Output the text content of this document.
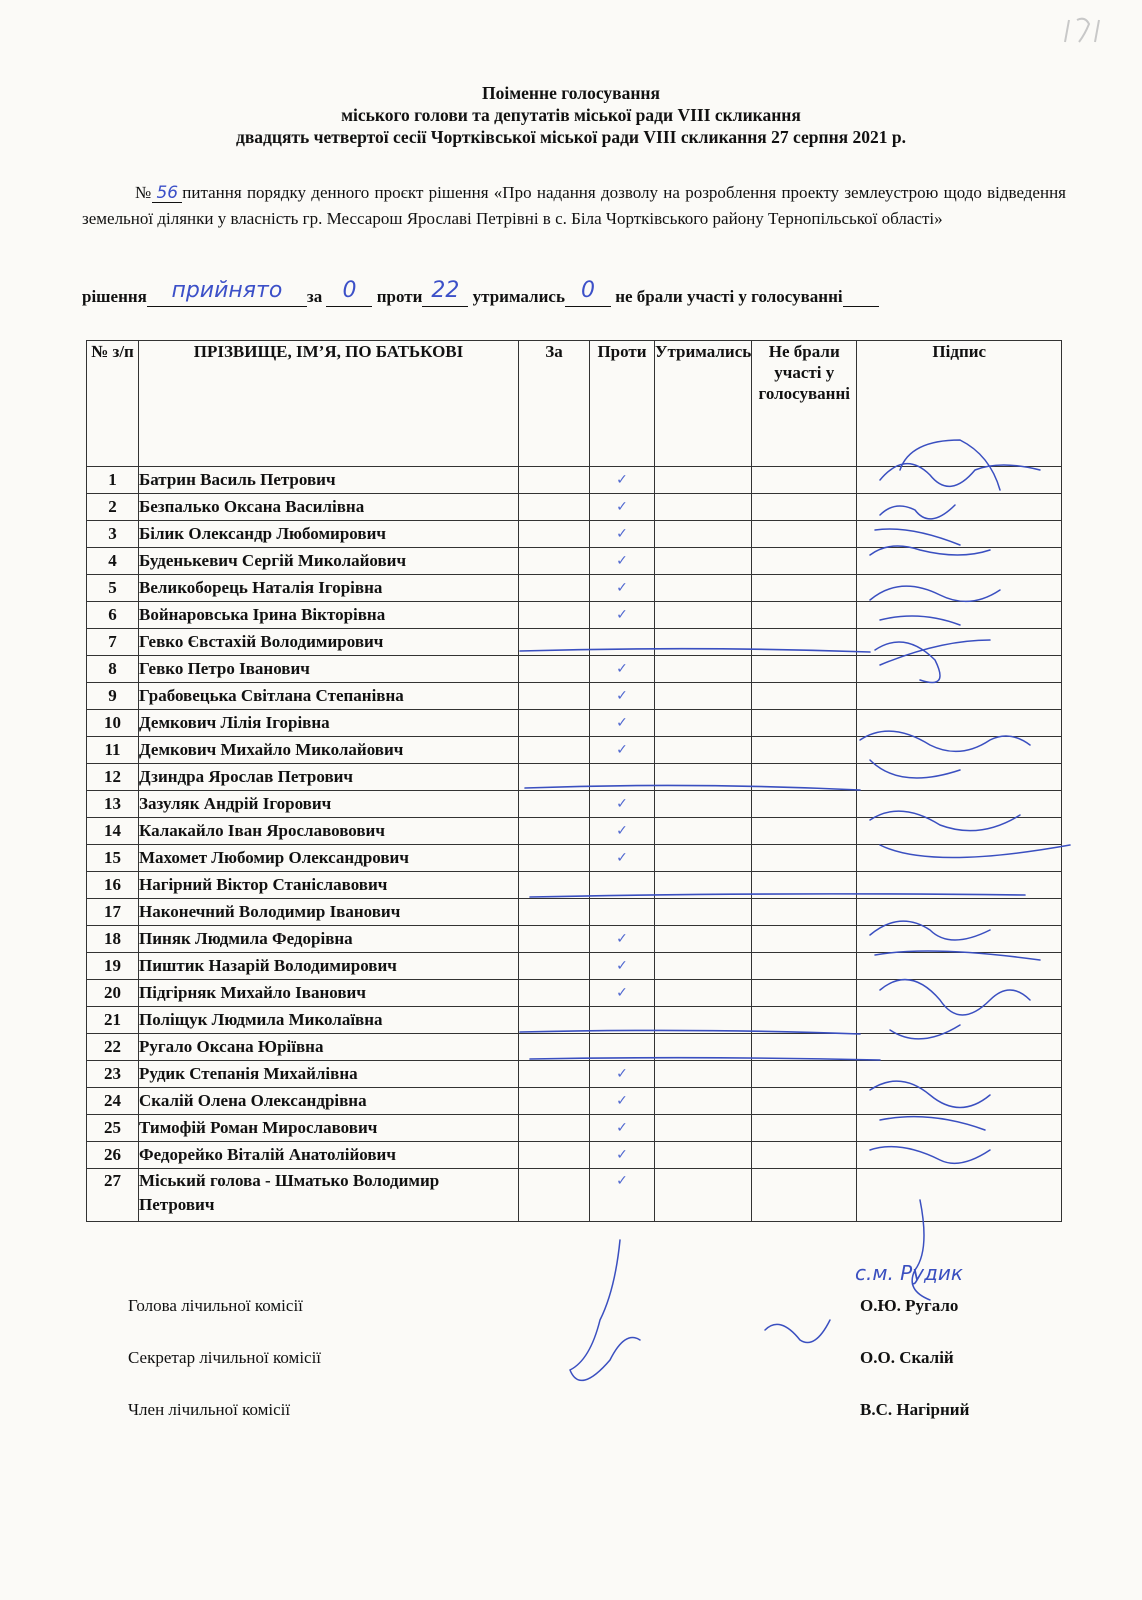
Поіменне голосування
міського голови та депутатів міської ради VIII скликання
двадцять четвертої сесії Чортківської міської ради VIII скликання 27 серпня 2021 р.
№ 56 питання порядку денного проєкт рішення «Про надання дозволу на розроблення проекту землеустрою щодо відведення земельної ділянки у власність гр. Мессарош Ярославі Петрівні в с. Біла Чортківського району Тернопільської області»
рішення прийнято за 0 проти 22 утримались 0 не брали участі у голосуванні
№ з/п	ПРІЗВИЩЕ, ІМ’Я, ПО БАТЬКОВІ	За	Проти	Утримались	Не брали участі у голосуванні	Підпис
1	Батрин Василь Петрович		✓			
2	Безпалько Оксана Василівна		✓			
3	Білик Олександр Любомирович		✓			
4	Буденькевич Сергій Миколайович		✓			
5	Великоборець Наталія Ігорівна		✓			
6	Войнаровська Ірина Вікторівна		✓			
7	Гевко Євстахій Володимирович					
8	Гевко Петро Іванович		✓			
9	Грабовецька Світлана Степанівна		✓			
10	Демкович Лілія Ігорівна		✓			
11	Демкович Михайло Миколайович		✓			
12	Дзиндра Ярослав Петрович					
13	Зазуляк Андрій Ігорович		✓			
14	Калакайло Іван Ярославовович		✓			
15	Махомет Любомир Олександрович		✓			
16	Нагірний Віктор Станіславович					
17	Наконечний Володимир Іванович					
18	Пиняк Людмила Федорівна		✓			
19	Пиштик Назарій Володимирович		✓			
20	Підгірняк Михайло Іванович		✓			
21	Поліщук Людмила Миколаївна					
22	Ругало Оксана Юріївна					
23	Рудик Степанія Михайлівна		✓			
24	Скалій Олена Олександрівна		✓			
25	Тимофій Роман Мирославович		✓			
26	Федорейко Віталій Анатолійович		✓			
27	Міський голова - Шматько Володимир Петрович		✓			
с.м. Рудик
Голова лічильної комісії	О.Ю. Ругало
Секретар лічильної комісії	О.О. Скалій
Член лічильної комісії	В.С. Нагірний
